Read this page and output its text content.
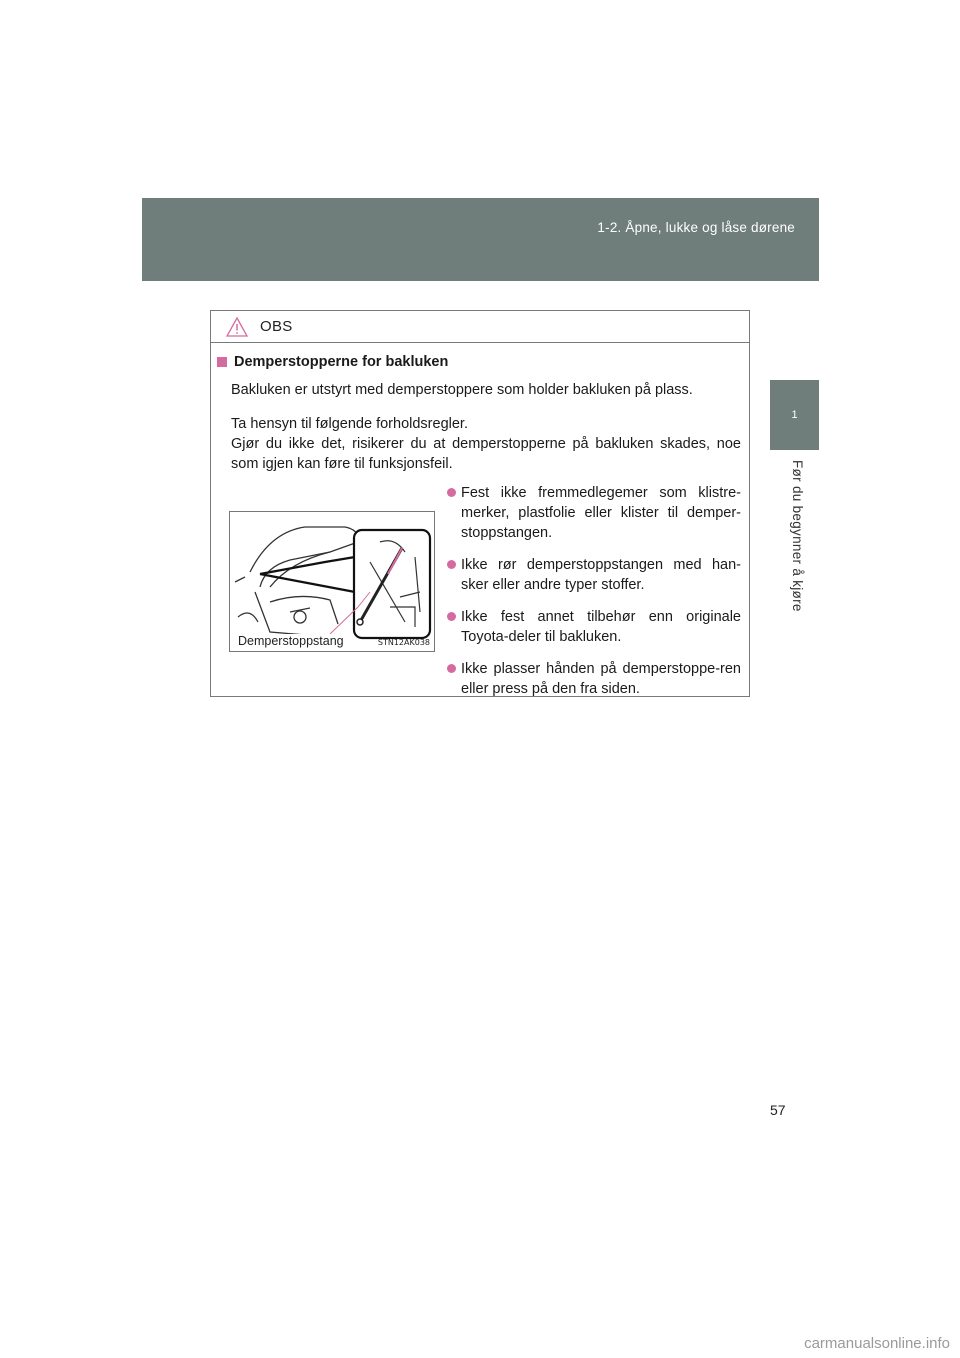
1-2. Åpne, lukke og låse dørene
1
Før du begynner å kjøre
OBS
Demperstopperne for bakluken
Bakluken er utstyrt med demperstoppere som holder bakluken på plass.
Ta hensyn til følgende forholdsregler.
Gjør du ikke det, risikerer du at demperstopperne på bakluken skades, noe som igjen kan føre til funksjonsfeil.
Demperstoppstang	STN12AK038
Fest ikke fremmedlegemer som klistre-merker, plastfolie eller klister til demper-stoppstangen.
Ikke rør demperstoppstangen med han-sker eller andre typer stoffer.
Ikke fest annet tilbehør enn originale Toyota-deler til bakluken.
Ikke plasser hånden på demperstoppe-ren eller press på den fra siden.
57
carmanualsonline.info
